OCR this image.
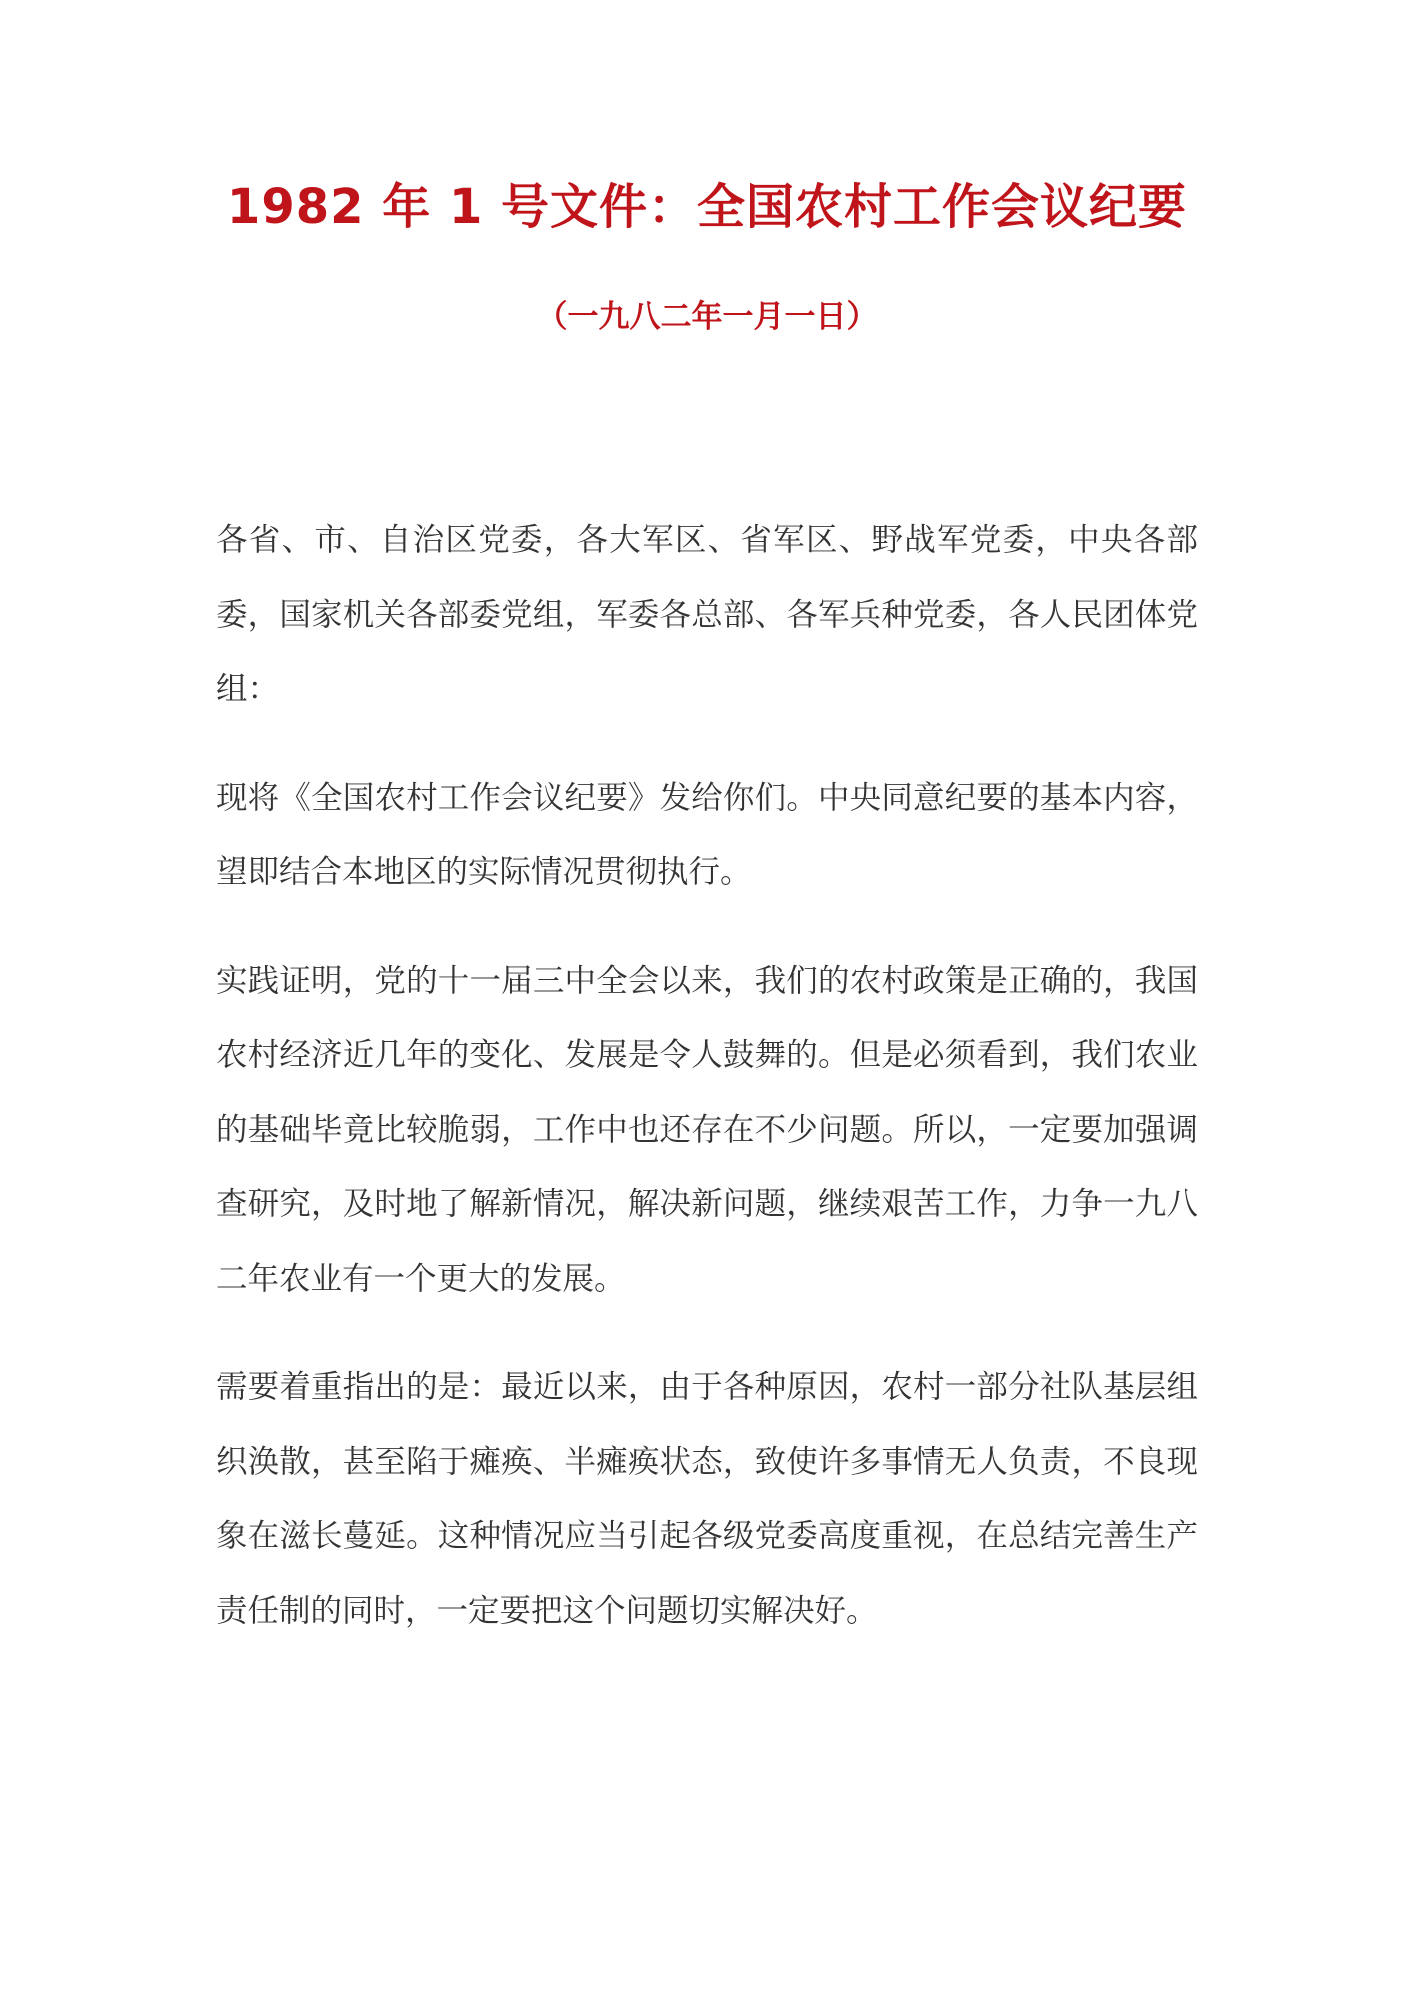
1982 年 1 号文件：全国农村工作会议纪要
（一九八二年一月一日）

各省、市、自治区党委，各大军区、省军区、野战军党委，中央各部委，国家机关各部委党组，军委各总部、各军兵种党委，各人民团体党组：

现将《全国农村工作会议纪要》发给你们。中央同意纪要的基本内容，望即结合本地区的实际情况贯彻执行。

实践证明，党的十一届三中全会以来，我们的农村政策是正确的，我国农村经济近几年的变化、发展是令人鼓舞的。但是必须看到，我们农业的基础毕竟比较脆弱，工作中也还存在不少问题。所以，一定要加强调查研究，及时地了解新情况，解决新问题，继续艰苦工作，力争一九八二年农业有一个更大的发展。

需要着重指出的是：最近以来，由于各种原因，农村一部分社队基层组织涣散，甚至陷于瘫痪、半瘫痪状态，致使许多事情无人负责，不良现象在滋长蔓延。这种情况应当引起各级党委高度重视，在总结完善生产责任制的同时，一定要把这个问题切实解决好。
